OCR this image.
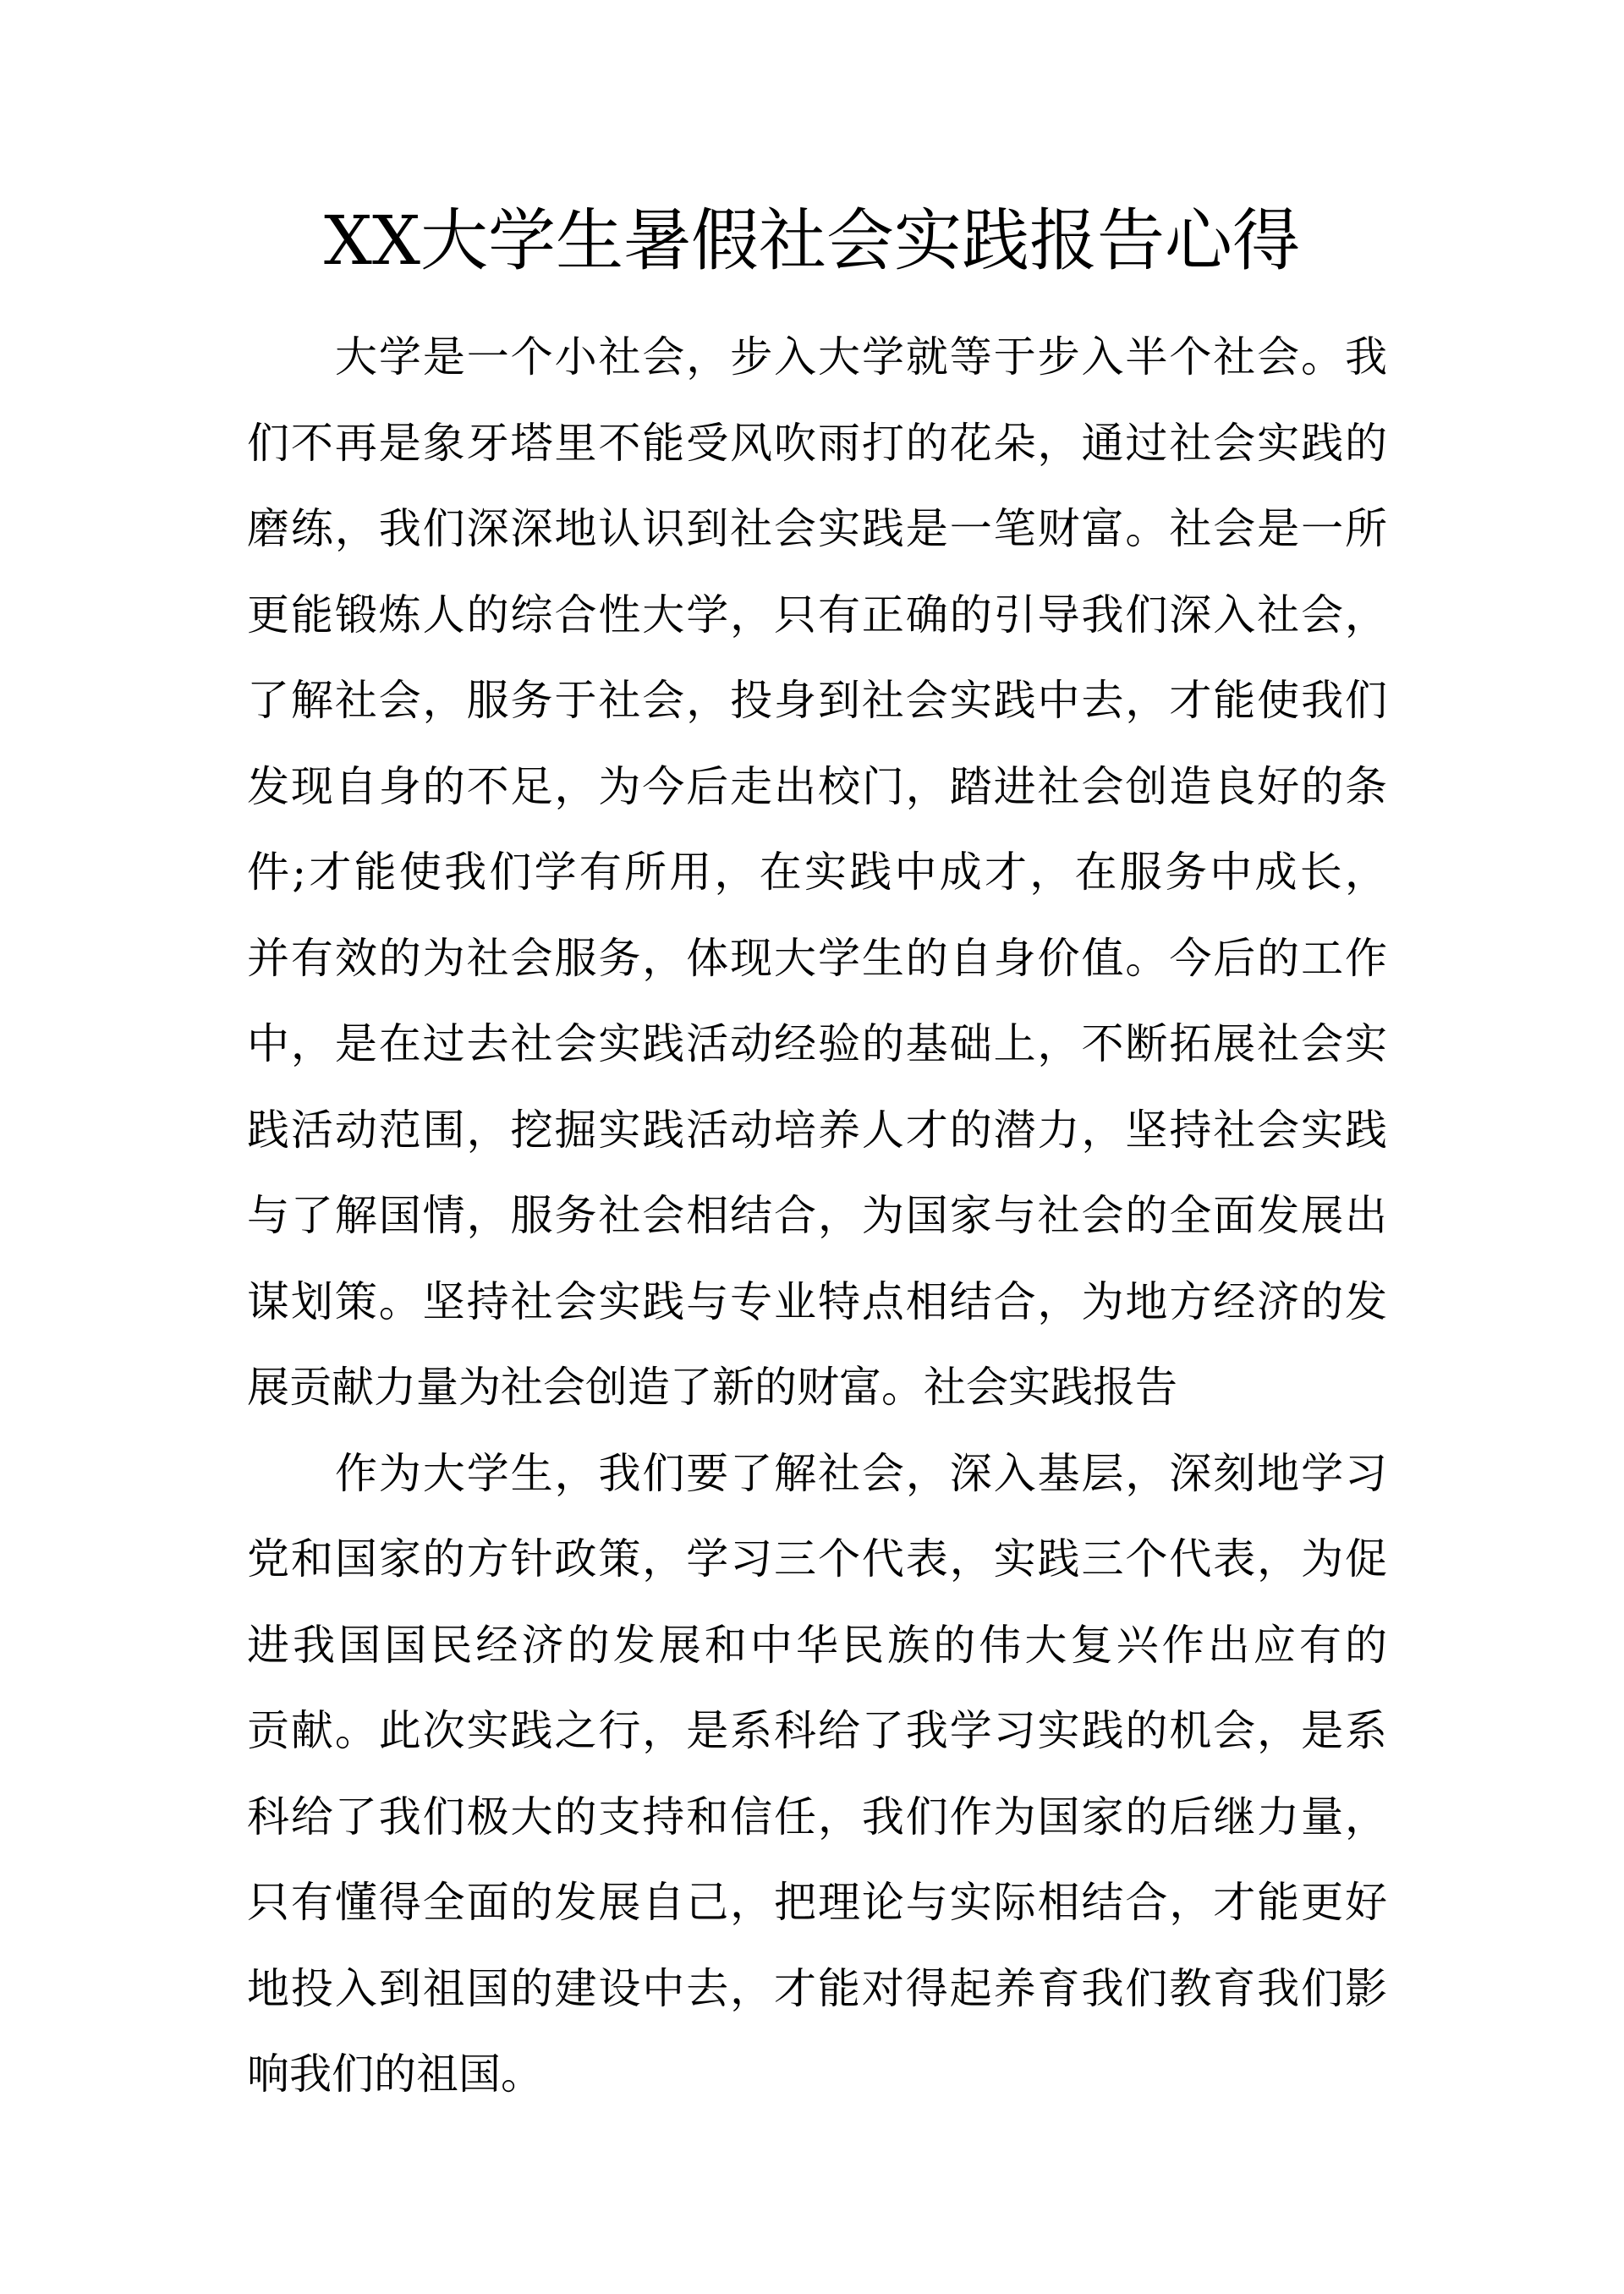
XX大学生暑假社会实践报告心得
大学是一个小社会，步入大学就等于步入半个社会。我
们不再是象牙塔里不能受风吹雨打的花朵，通过社会实践的
磨练，我们深深地认识到社会实践是一笔财富。社会是一所
更能锻炼人的综合性大学，只有正确的引导我们深入社会，
了解社会，服务于社会，投身到社会实践中去，才能使我们
发现自身的不足，为今后走出校门，踏进社会创造良好的条
件;才能使我们学有所用，在实践中成才，在服务中成长，
并有效的为社会服务，体现大学生的自身价值。今后的工作
中，是在过去社会实践活动经验的基础上，不断拓展社会实
践活动范围，挖掘实践活动培养人才的潜力，坚持社会实践
与了解国情，服务社会相结合，为国家与社会的全面发展出
谋划策。坚持社会实践与专业特点相结合，为地方经济的发
展贡献力量为社会创造了新的财富。社会实践报告
作为大学生，我们要了解社会，深入基层，深刻地学习
党和国家的方针政策，学习三个代表，实践三个代表，为促
进我国国民经济的发展和中华民族的伟大复兴作出应有的
贡献。此次实践之行，是系科给了我学习实践的机会，是系
科给了我们极大的支持和信任，我们作为国家的后继力量，
只有懂得全面的发展自己，把理论与实际相结合，才能更好
地投入到祖国的建设中去，才能对得起养育我们教育我们影
响我们的祖国。
